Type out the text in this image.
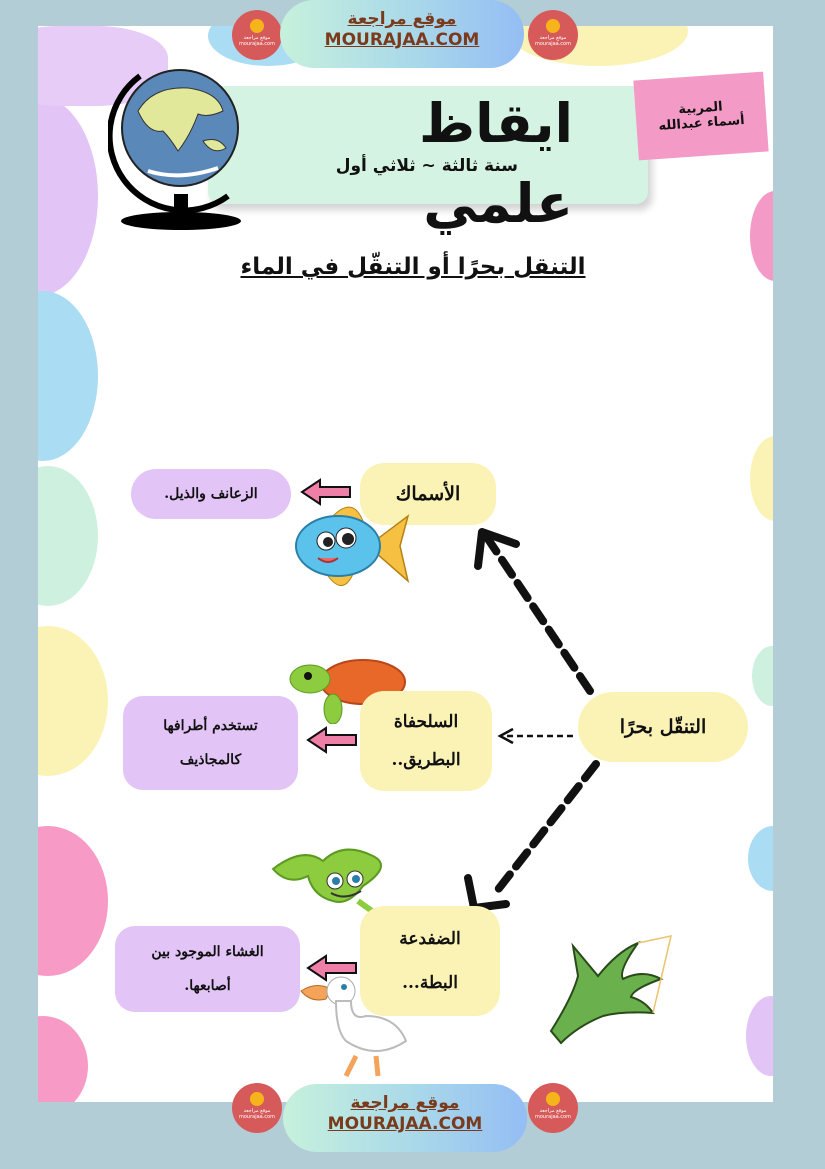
ايقاظ علمي
سنة ثالثة ~ ثلاثي أول
المربية
أسماء عبدالله
التنقل بحرًا أو التنقّل في الماء
التنقّل بحرًا
الأسماك
الزعانف والذيل.
السلحفاة
البطريق..
تستخدم أطرافها
كالمجاذيف
الضفدعة
البطة...
الغشاء الموجود بين
أصابعها.
موقع مراجعة mourajaa.com
موقع مراجعة
MOURAJAA.COM	موقع مراجعة mourajaa.com
موقع مراجعة mourajaa.com
موقع مراجعة
MOURAJAA.COM
موقع مراجعة mourajaa.com
